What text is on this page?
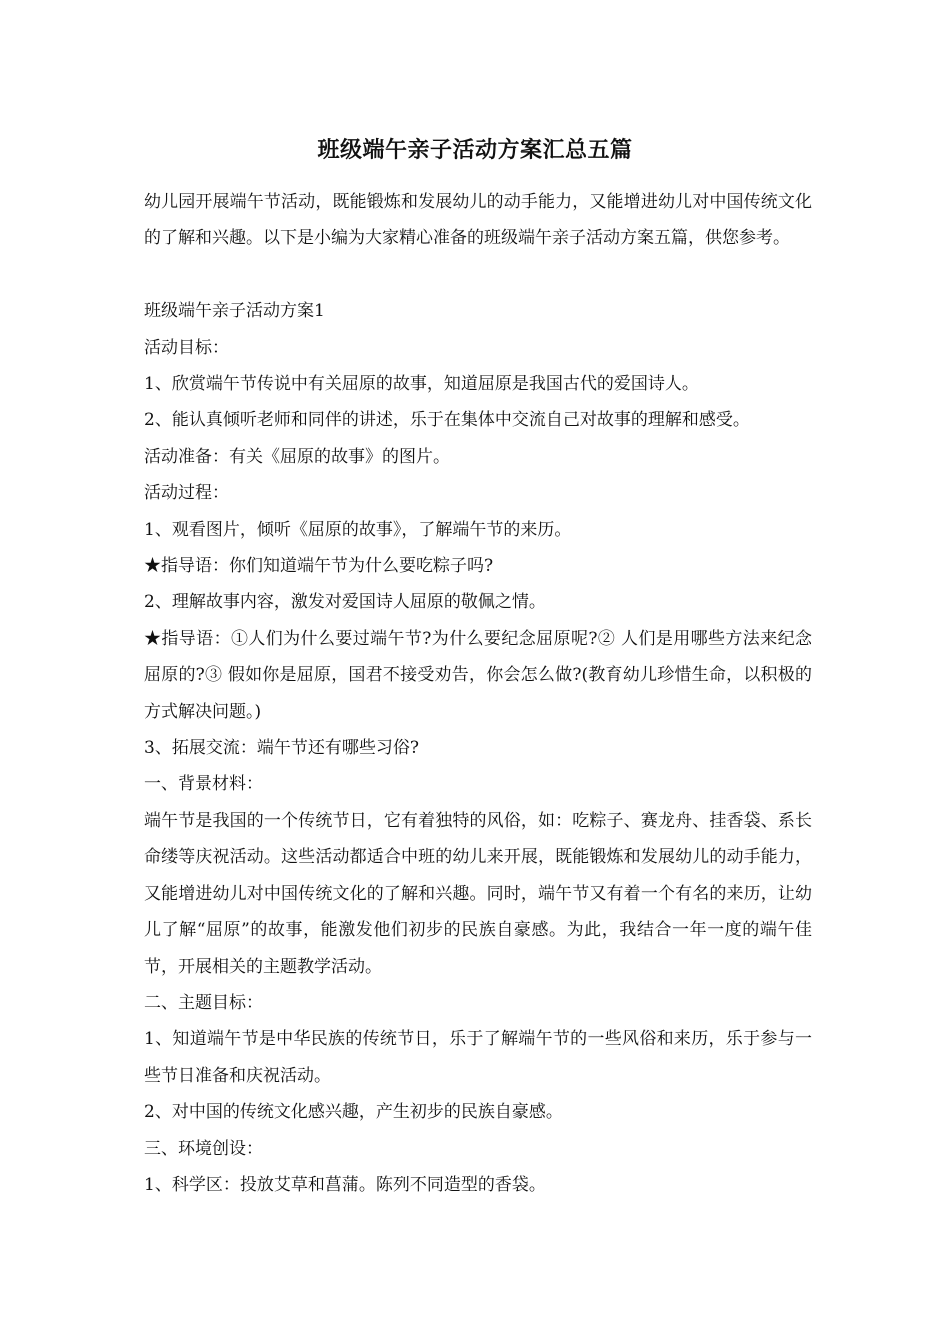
班级端午亲子活动方案汇总五篇

幼儿园开展端午节活动，既能锻炼和发展幼儿的动手能力，又能增进幼儿对中国传统文化的了解和兴趣。以下是小编为大家精心准备的班级端午亲子活动方案五篇，供您参考。

班级端午亲子活动方案1

活动目标：

1、欣赏端午节传说中有关屈原的故事，知道屈原是我国古代的爱国诗人。

2、能认真倾听老师和同伴的讲述，乐于在集体中交流自己对故事的理解和感受。

活动准备：有关《屈原的故事》的图片。

活动过程：

1、观看图片，倾听《屈原的故事》，了解端午节的来历。

★指导语：你们知道端午节为什么要吃粽子吗?

2、理解故事内容，激发对爱国诗人屈原的敬佩之情。

★指导语：①人们为什么要过端午节?为什么要纪念屈原呢?② 人们是用哪些方法来纪念屈原的?③ 假如你是屈原，国君不接受劝告，你会怎么做?(教育幼儿珍惜生命，以积极的方式解决问题。)

3、拓展交流：端午节还有哪些习俗?

一、背景材料：

端午节是我国的一个传统节日，它有着独特的风俗，如：吃粽子、赛龙舟、挂香袋、系长命缕等庆祝活动。这些活动都适合中班的幼儿来开展，既能锻炼和发展幼儿的动手能力，又能增进幼儿对中国传统文化的了解和兴趣。同时，端午节又有着一个有名的来历，让幼儿了解“屈原”的故事，能激发他们初步的民族自豪感。为此，我结合一年一度的端午佳节，开展相关的主题教学活动。

二、主题目标：

1、知道端午节是中华民族的传统节日，乐于了解端午节的一些风俗和来历，乐于参与一些节日准备和庆祝活动。

2、对中国的传统文化感兴趣，产生初步的民族自豪感。

三、环境创设：

1、科学区：投放艾草和菖蒲。陈列不同造型的香袋。
